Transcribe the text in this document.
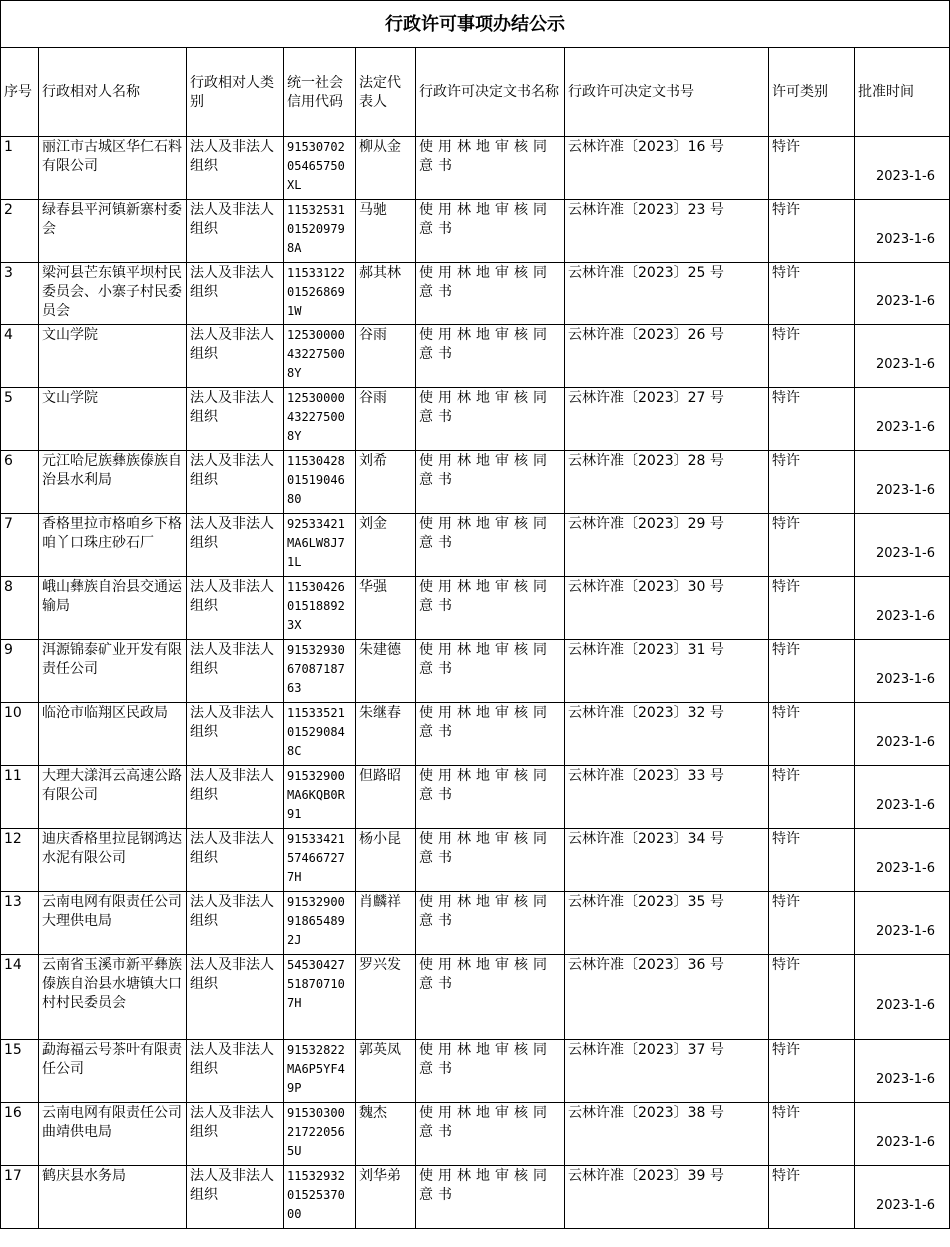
行政许可事项办结公示								
序号	行政相对人名称	行政相对人类别	统一社会信用代码	法定代表人	行政许可决定文书名称	行政许可决定文书号	许可类别	批准时间
1	丽江市古城区华仁石料有限公司	法人及非法人组织	91530702 05465750 XL	柳从金	使用林地审核同意书	云林许准〔2023〕16 号	特许	2023-1-6
2	绿春县平河镇新寨村委会	法人及非法人组织	11532531 01520979 8A	马驰	使用林地审核同意书	云林许准〔2023〕23 号	特许	2023-1-6
3	梁河县芒东镇平坝村民委员会、小寨子村民委员会	法人及非法人组织	11533122 01526869 1W	郝其林	使用林地审核同意书	云林许准〔2023〕25 号	特许	2023-1-6
4	文山学院	法人及非法人组织	12530000 43227500 8Y	谷雨	使用林地审核同意书	云林许准〔2023〕26 号	特许	2023-1-6
5	文山学院	法人及非法人组织	12530000 43227500 8Y	谷雨	使用林地审核同意书	云林许准〔2023〕27 号	特许	2023-1-6
6	元江哈尼族彝族傣族自治县水利局	法人及非法人组织	11530428 01519046 80	刘希	使用林地审核同意书	云林许准〔2023〕28 号	特许	2023-1-6
7	香格里拉市格咱乡下格咱丫口珠庄砂石厂	法人及非法人组织	92533421 MA6LW8J7 1L	刘金	使用林地审核同意书	云林许准〔2023〕29 号	特许	2023-1-6
8	峨山彝族自治县交通运输局	法人及非法人组织	11530426 01518892 3X	华强	使用林地审核同意书	云林许准〔2023〕30 号	特许	2023-1-6
9	洱源锦泰矿业开发有限责任公司	法人及非法人组织	91532930 67087187 63	朱建德	使用林地审核同意书	云林许准〔2023〕31 号	特许	2023-1-6
10	临沧市临翔区民政局	法人及非法人组织	11533521 01529084 8C	朱继春	使用林地审核同意书	云林许准〔2023〕32 号	特许	2023-1-6
11	大理大漾洱云高速公路有限公司	法人及非法人组织	91532900 MA6KQB0R 91	但路昭	使用林地审核同意书	云林许准〔2023〕33 号	特许	2023-1-6
12	迪庆香格里拉昆钢鸿达水泥有限公司	法人及非法人组织	91533421 57466727 7H	杨小昆	使用林地审核同意书	云林许准〔2023〕34 号	特许	2023-1-6
13	云南电网有限责任公司大理供电局	法人及非法人组织	91532900 91865489 2J	肖麟祥	使用林地审核同意书	云林许准〔2023〕35 号	特许	2023-1-6
14	云南省玉溪市新平彝族傣族自治县水塘镇大口村村民委员会	法人及非法人组织	54530427 51870710 7H	罗兴发	使用林地审核同意书	云林许准〔2023〕36 号	特许	2023-1-6
15	勐海福云号茶叶有限责任公司	法人及非法人组织	91532822 MA6P5YF4 9P	郭英凤	使用林地审核同意书	云林许准〔2023〕37 号	特许	2023-1-6
16	云南电网有限责任公司曲靖供电局	法人及非法人组织	91530300 21722056 5U	魏杰	使用林地审核同意书	云林许准〔2023〕38 号	特许	2023-1-6
17	鹤庆县水务局	法人及非法人组织	11532932 01525370 00	刘华弟	使用林地审核同意书	云林许准〔2023〕39 号	特许	2023-1-6
